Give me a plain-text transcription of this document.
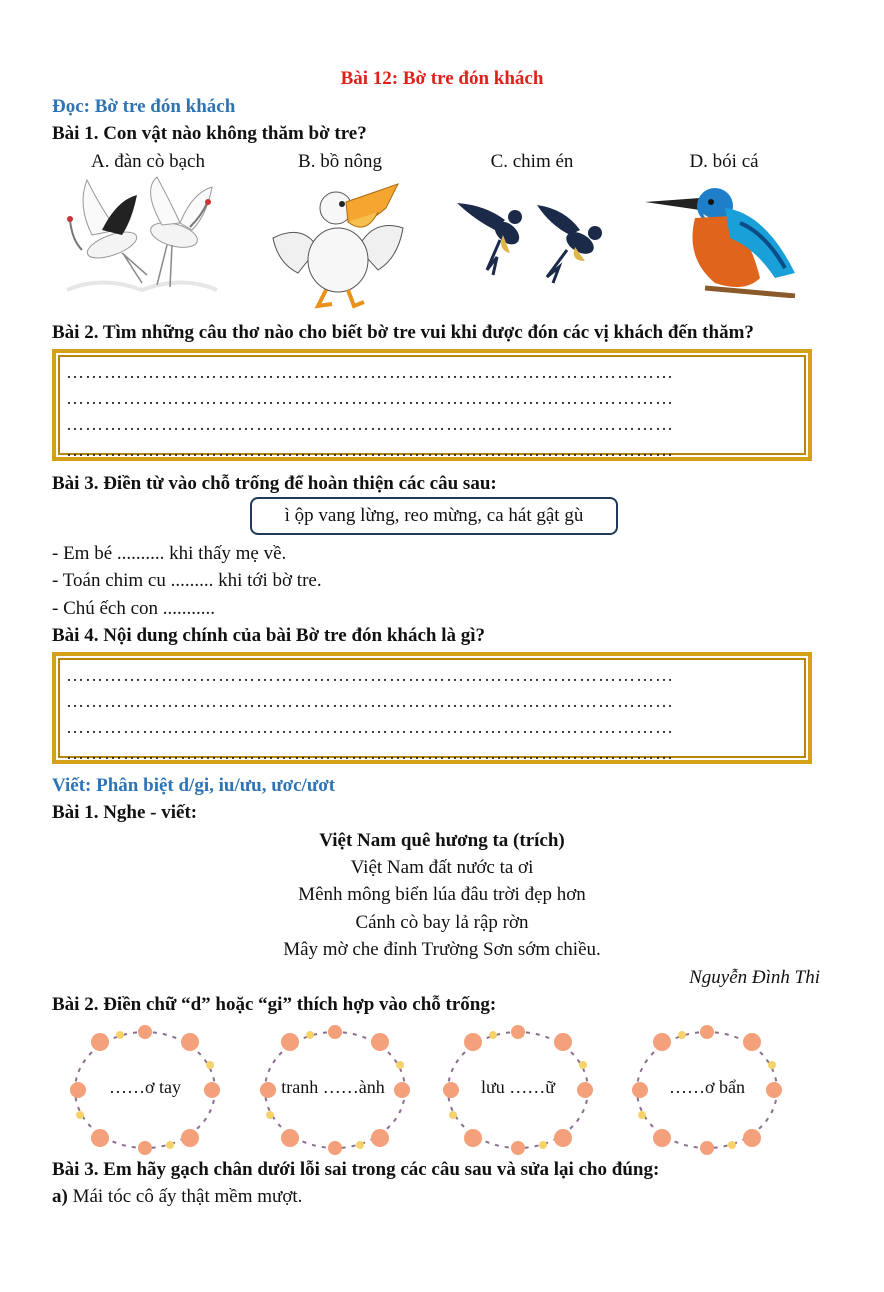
Bài 12: Bờ tre đón khách
Đọc: Bờ tre đón khách
Bài 1. Con vật nào không thăm bờ tre?
A. đàn cò bạch	B. bồ nông	C. chim én	D. bói cá
Bài 2. Tìm những câu thơ nào cho biết bờ tre vui khi được đón các vị khách đến thăm?
……………………………………………………………………………………
……………………………………………………………………………………
……………………………………………………………………………………
……………………………………………………………………………………
Bài 3. Điền từ vào chỗ trống để hoàn thiện các câu sau:
ì ộp vang lừng, reo mừng, ca hát gật gù
- Em bé .......... khi thấy mẹ về.
- Toán chim cu ......... khi tới bờ tre.
- Chú ếch con ...........
Bài 4. Nội dung chính của bài Bờ tre đón khách là gì?
……………………………………………………………………………………
……………………………………………………………………………………
……………………………………………………………………………………
……………………………………………………………………………………
Viết: Phân biệt d/gi, iu/ưu, ươc/ươt
Bài 1. Nghe - viết:
Việt Nam quê hương ta (trích)
Việt Nam đất nước ta ơi
Mênh mông biển lúa đâu trời đẹp hơn
Cánh cò bay lả rập rờn
Mây mờ che đỉnh Trường Sơn sớm chiều.
Nguyễn Đình Thi
Bài 2. Điền chữ “d” hoặc “gi” thích hợp vào chỗ trống:
……ơ tay	tranh ……ành	lưu ……ữ	……ơ bẩn
Bài 3. Em hãy gạch chân dưới lỗi sai trong các câu sau và sửa lại cho đúng:
a) Mái tóc cô ấy thật mềm mượt.
